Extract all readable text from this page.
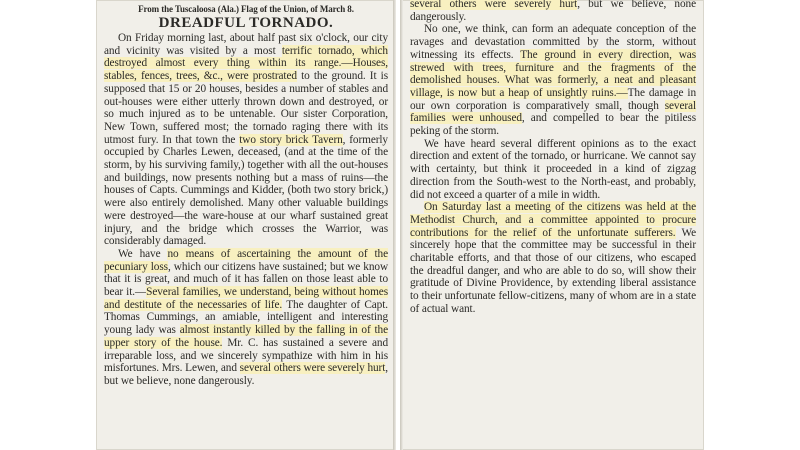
From the Tuscaloosa (Ala.) Flag of the Union, of March 8.

DREADFUL TORNADO.

On Friday morning last, about half past six o'clock, our city and vicinity was visited by a most terrific tornado, which destroyed almost every thing within its range.—Houses, stables, fences, trees, &c., were prostrated to the ground. It is supposed that 15 or 20 houses, besides a number of stables and out-houses were either utterly thrown down and destroyed, or so much injured as to be untenable. Our sister Corporation, New Town, suffered most; the tornado raging there with its utmost fury. In that town the two story brick Tavern, formerly occupied by Charles Lewen, deceased, (and at the time of the storm, by his surviving family,) together with all the out-houses and buildings, now presents nothing but a mass of ruins—the houses of Capts. Cummings and Kidder, (both two story brick,) were also entirely demolished. Many other valuable buildings were destroyed—the ware-house at our wharf sustained great injury, and the bridge which crosses the Warrior, was considerably damaged.

We have no means of ascertaining the amount of the pecuniary loss, which our citizens have sustained; but we know that it is great, and much of it has fallen on those least able to bear it.—Several families, we understand, being without homes and destitute of the necessaries of life. The daughter of Capt. Thomas Cummings, an amiable, intelligent and interesting young lady was almost instantly killed by the falling in of the upper story of the house. Mr. C. has sustained a severe and irreparable loss, and we sincerely sympathize with him in his misfortunes. Mrs. Lewen, and several others were severely hurt, but we believe, none dangerously.

several others were severely hurt, but we believe, none dangerously.

No one, we think, can form an adequate conception of the ravages and devastation committed by the storm, without witnessing its effects. The ground in every direction, was strewed with trees, furniture and the fragments of the demolished houses. What was formerly, a neat and pleasant village, is now but a heap of unsightly ruins.—The damage in our own corporation is comparatively small, though several families were unhoused, and compelled to bear the pitiless peking of the storm.

We have heard several different opinions as to the exact direction and extent of the tornado, or hurricane. We cannot say with certainty, but think it proceeded in a kind of zigzag direction from the South-west to the North-east, and probably, did not exceed a quarter of a mile in width.

On Saturday last a meeting of the citizens was held at the Methodist Church, and a committee appointed to procure contributions for the relief of the unfortunate sufferers. We sincerely hope that the committee may be successful in their charitable efforts, and that those of our citizens, who escaped the dreadful danger, and who are able to do so, will show their gratitude of Divine Providence, by extending liberal assistance to their unfortunate fellow-citizens, many of whom are in a state of actual want.
